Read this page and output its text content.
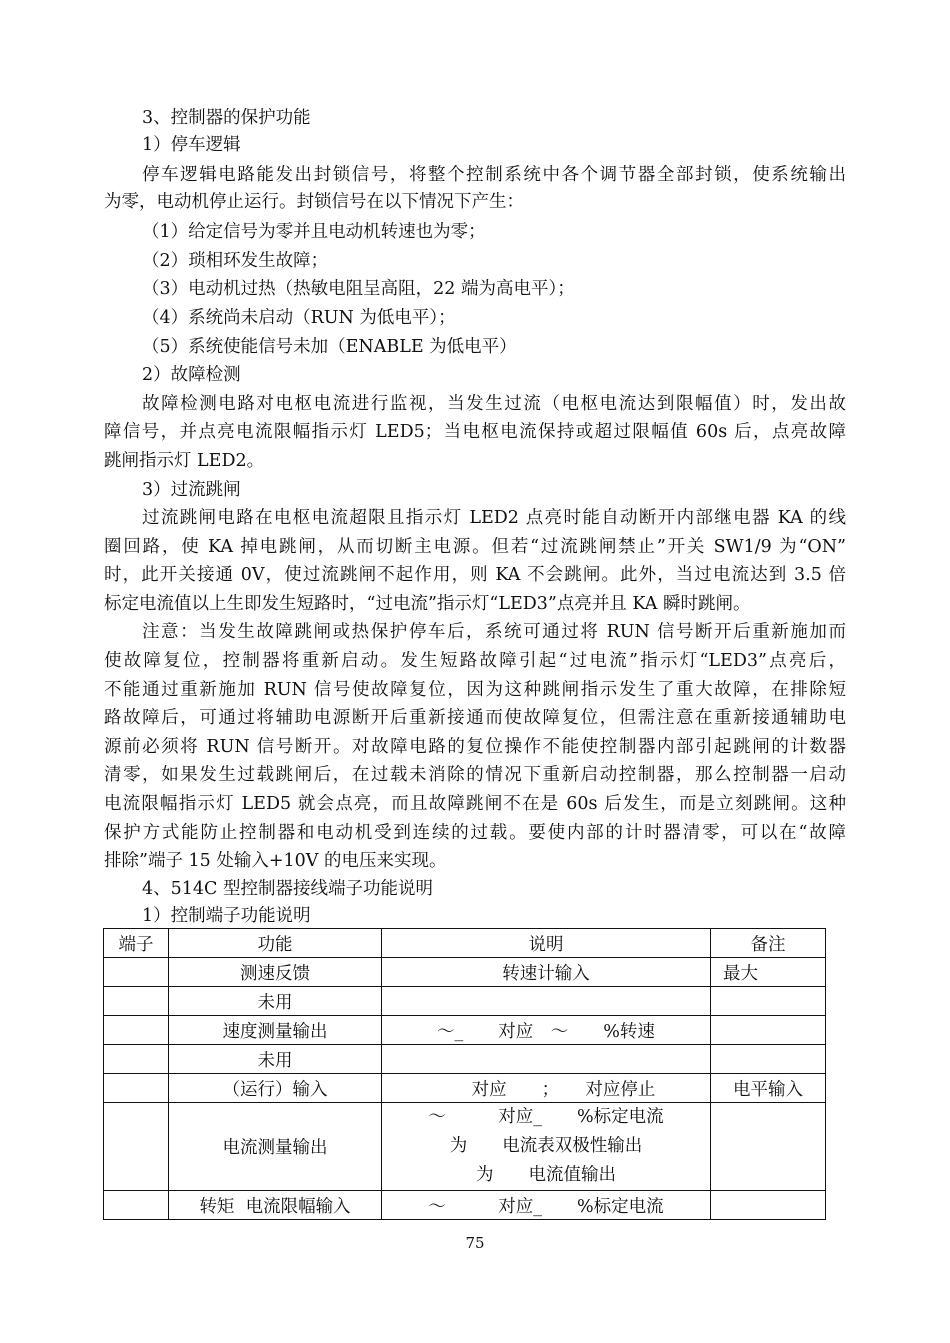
3、控制器的保护功能
1）停车逻辑
停车逻辑电路能发出封锁信号，将整个控制系统中各个调节器全部封锁，使系统输出
为零，电动机停止运行。封锁信号在以下情况下产生：
（1）给定信号为零并且电动机转速也为零；
（2）琐相环发生故障；
（3）电动机过热（热敏电阻呈高阻，22 端为高电平）；
（4）系统尚未启动（RUN 为低电平）；
（5）系统使能信号未加（ENABLE 为低电平）
2）故障检测
故障检测电路对电枢电流进行监视，当发生过流（电枢电流达到限幅值）时，发出故
障信号，并点亮电流限幅指示灯 LED5；当电枢电流保持或超过限幅值 60s 后，点亮故障
跳闸指示灯 LED2。
3）过流跳闸
过流跳闸电路在电枢电流超限且指示灯 LED2 点亮时能自动断开内部继电器 KA 的线
圈回路，使 KA 掉电跳闸，从而切断主电源。但若“过流跳闸禁止”开关 SW1/9 为“ON”
时，此开关接通 0V，使过流跳闸不起作用，则 KA 不会跳闸。此外，当过电流达到 3.5 倍
标定电流值以上生即发生短路时，“过电流”指示灯“LED3”点亮并且 KA 瞬时跳闸。
注意：当发生故障跳闸或热保护停车后，系统可通过将 RUN 信号断开后重新施加而
使故障复位，控制器将重新启动。发生短路故障引起“过电流”指示灯“LED3”点亮后，
不能通过重新施加 RUN 信号使故障复位，因为这种跳闸指示发生了重大故障，在排除短
路故障后，可通过将辅助电源断开后重新接通而使故障复位，但需注意在重新接通辅助电
源前必须将 RUN 信号断开。对故障电路的复位操作不能使控制器内部引起跳闸的计数器
清零，如果发生过载跳闸后，在过载未消除的情况下重新启动控制器，那么控制器一启动
电流限幅指示灯 LED5 就会点亮，而且故障跳闸不在是 60s 后发生，而是立刻跳闸。这种
保护方式能防止控制器和电动机受到连续的过载。要使内部的计时器清零，可以在“故障
排除”端子 15 处输入+10V 的电压来实现。
4、514C 型控制器接线端子功能说明
1）控制端子功能说明
端子	功能	说明	备注
	测速反馈	转速计输入	最大
	未用		
	速度测量输出	～_　　对应　～　　%转速	
	未用		
	（运行）输入	　　对应　　；　　对应停止	电平输入
	电流测量输出	～　　　对应_　　%标定电流
为　　电流表双极性输出
为　　电流值输出	

	转矩  电流限幅输入	～　　　对应_　　%标定电流	
75
